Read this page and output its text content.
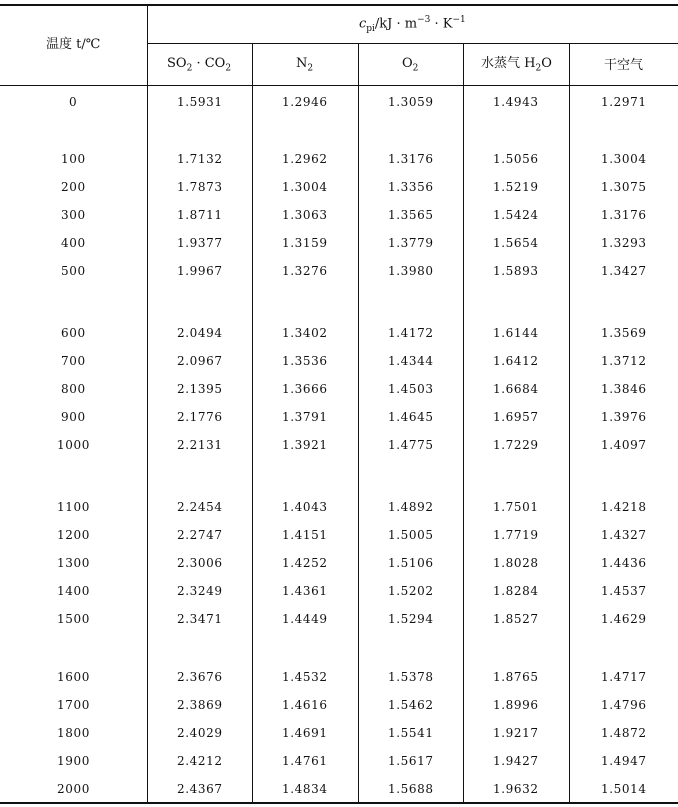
温度 t/℃
$c_{pi}/kJ \cdot m^{-3} \cdot K^{-1}$
$SO_2 \cdot CO_2$	$N_2$	$O_2$	水蒸气 $H_2O$	干空气
0	1.5931	1.2946	1.3059	1.4943	1.2971
100	1.7132	1.2962	1.3176	1.5056	1.3004
200	1.7873	1.3004	1.3356	1.5219	1.3075
300	1.8711	1.3063	1.3565	1.5424	1.3176
400	1.9377	1.3159	1.3779	1.5654	1.3293
500	1.9967	1.3276	1.3980	1.5893	1.3427
600	2.0494	1.3402	1.4172	1.6144	1.3569
700	2.0967	1.3536	1.4344	1.6412	1.3712
800	2.1395	1.3666	1.4503	1.6684	1.3846
900	2.1776	1.3791	1.4645	1.6957	1.3976
1000	2.2131	1.3921	1.4775	1.7229	1.4097
1100	2.2454	1.4043	1.4892	1.7501	1.4218
1200	2.2747	1.4151	1.5005	1.7719	1.4327
1300	2.3006	1.4252	1.5106	1.8028	1.4436
1400	2.3249	1.4361	1.5202	1.8284	1.4537
1500	2.3471	1.4449	1.5294	1.8527	1.4629
1600	2.3676	1.4532	1.5378	1.8765	1.4717
1700	2.3869	1.4616	1.5462	1.8996	1.4796
1800	2.4029	1.4691	1.5541	1.9217	1.4872
1900	2.4212	1.4761	1.5617	1.9427	1.4947
2000	2.4367	1.4834	1.5688	1.9632	1.5014
